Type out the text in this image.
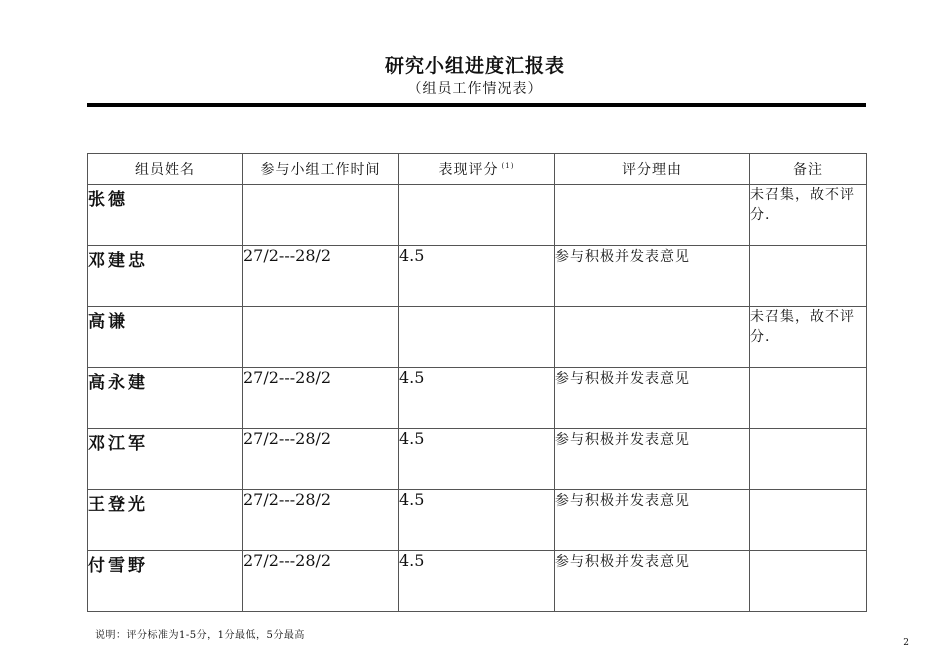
研究小组进度汇报表
（组员工作情况表）
组员姓名	参与小组工作时间	表现评分 $^{(1)}$	评分理由	备注
张德				未召集，故不评分.
邓建忠	27/2---28/2	4.5	参与积极并发表意见	
高谦				未召集，故不评分.
高永建	27/2---28/2	4.5	参与积极并发表意见	
邓江军	27/2---28/2	4.5	参与积极并发表意见	
王登光	27/2---28/2	4.5	参与积极并发表意见	
付雪野	27/2---28/2	4.5	参与积极并发表意见	
说明：评分标准为1-5分，1分最低，5分最高
2
